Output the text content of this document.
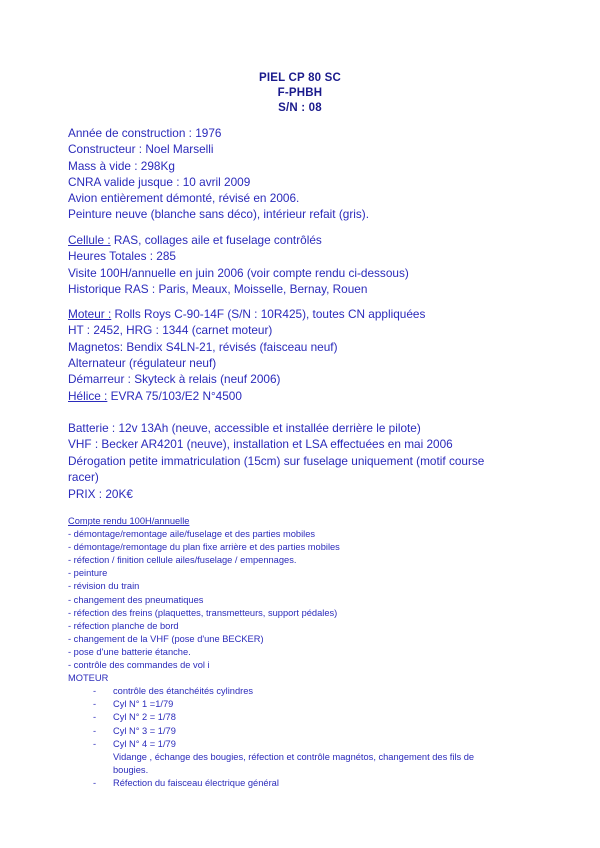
PIEL CP 80 SC
F-PHBH
S/N : 08
Année de construction : 1976
Constructeur : Noel Marselli
Mass à vide : 298Kg
CNRA valide jusque : 10 avril 2009
Avion entièrement démonté, révisé en 2006.
Peinture neuve (blanche sans déco), intérieur refait (gris).
Cellule : RAS, collages aile et fuselage contrôlés
Heures Totales : 285
Visite 100H/annuelle en juin 2006 (voir compte rendu ci-dessous)
Historique RAS : Paris, Meaux, Moisselle, Bernay, Rouen
Moteur : Rolls Roys C-90-14F (S/N : 10R425), toutes CN appliquées
HT : 2452, HRG : 1344 (carnet moteur)
Magnetos: Bendix S4LN-21, révisés (faisceau neuf)
Alternateur (régulateur neuf)
Démarreur : Skyteck à relais (neuf 2006)
Hélice : EVRA 75/103/E2 N°4500
Batterie : 12v 13Ah (neuve, accessible et installée derrière le pilote)
VHF : Becker AR4201 (neuve), installation et LSA effectuées en mai 2006
Dérogation petite immatriculation (15cm) sur fuselage uniquement (motif course
racer)
PRIX : 20K€
Compte rendu 100H/annuelle
- démontage/remontage aile/fuselage et des parties mobiles
- démontage/remontage du plan fixe arrière et des parties mobiles
- réfection / finition cellule ailes/fuselage / empennages.
- peinture
- révision du train
- changement des pneumatiques
- réfection des freins (plaquettes, transmetteurs, support pédales)
- réfection planche de bord
- changement de la VHF (pose d'une BECKER)
- pose d'une batterie étanche.
- contrôle des commandes de vol i
MOTEUR
- contrôle des étanchéités cylindres
- Cyl N° 1 =1/79
- Cyl N° 2 = 1/78
- Cyl N° 3 = 1/79
- Cyl N° 4 = 1/79
Vidange , échange des bougies, réfection et contrôle magnétos, changement des fils de
bougies.
- Réfection du faisceau électrique général
